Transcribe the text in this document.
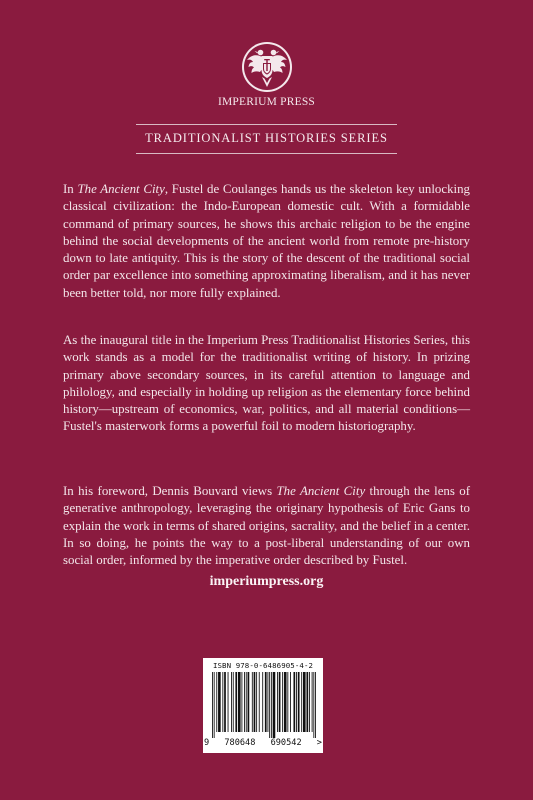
IMPERIUM PRESS
TRADITIONALIST HISTORIES SERIES

In The Ancient City, Fustel de Coulanges hands us the skeleton key unlocking classical civilization: the Indo-European domestic cult. With a formidable command of primary sources, he shows this archaic religion to be the engine behind the social developments of the ancient world from remote pre-history down to late antiquity. This is the story of the descent of the traditional social order par excellence into something approximating liberalism, and it has never been better told, nor more fully explained.

As the inaugural title in the Imperium Press Traditionalist Histories Series, this work stands as a model for the traditionalist writing of history. In prizing primary above secondary sources, in its careful attention to language and philology, and especially in holding up religion as the elementary force behind history—upstream of economics, war, politics, and all material conditions—Fustel's masterwork forms a powerful foil to modern historiography.

In his foreword, Dennis Bouvard views The Ancient City through the lens of generative anthropology, leveraging the originary hypothesis of Eric Gans to explain the work in terms of shared origins, sacrality, and the belief in a center. In so doing, he points the way to a post-liberal understanding of our own social order, informed by the imperative order described by Fustel.

imperiumpress.org
ISBN 978-0-6486905-4-2
9 780648 690542 >
